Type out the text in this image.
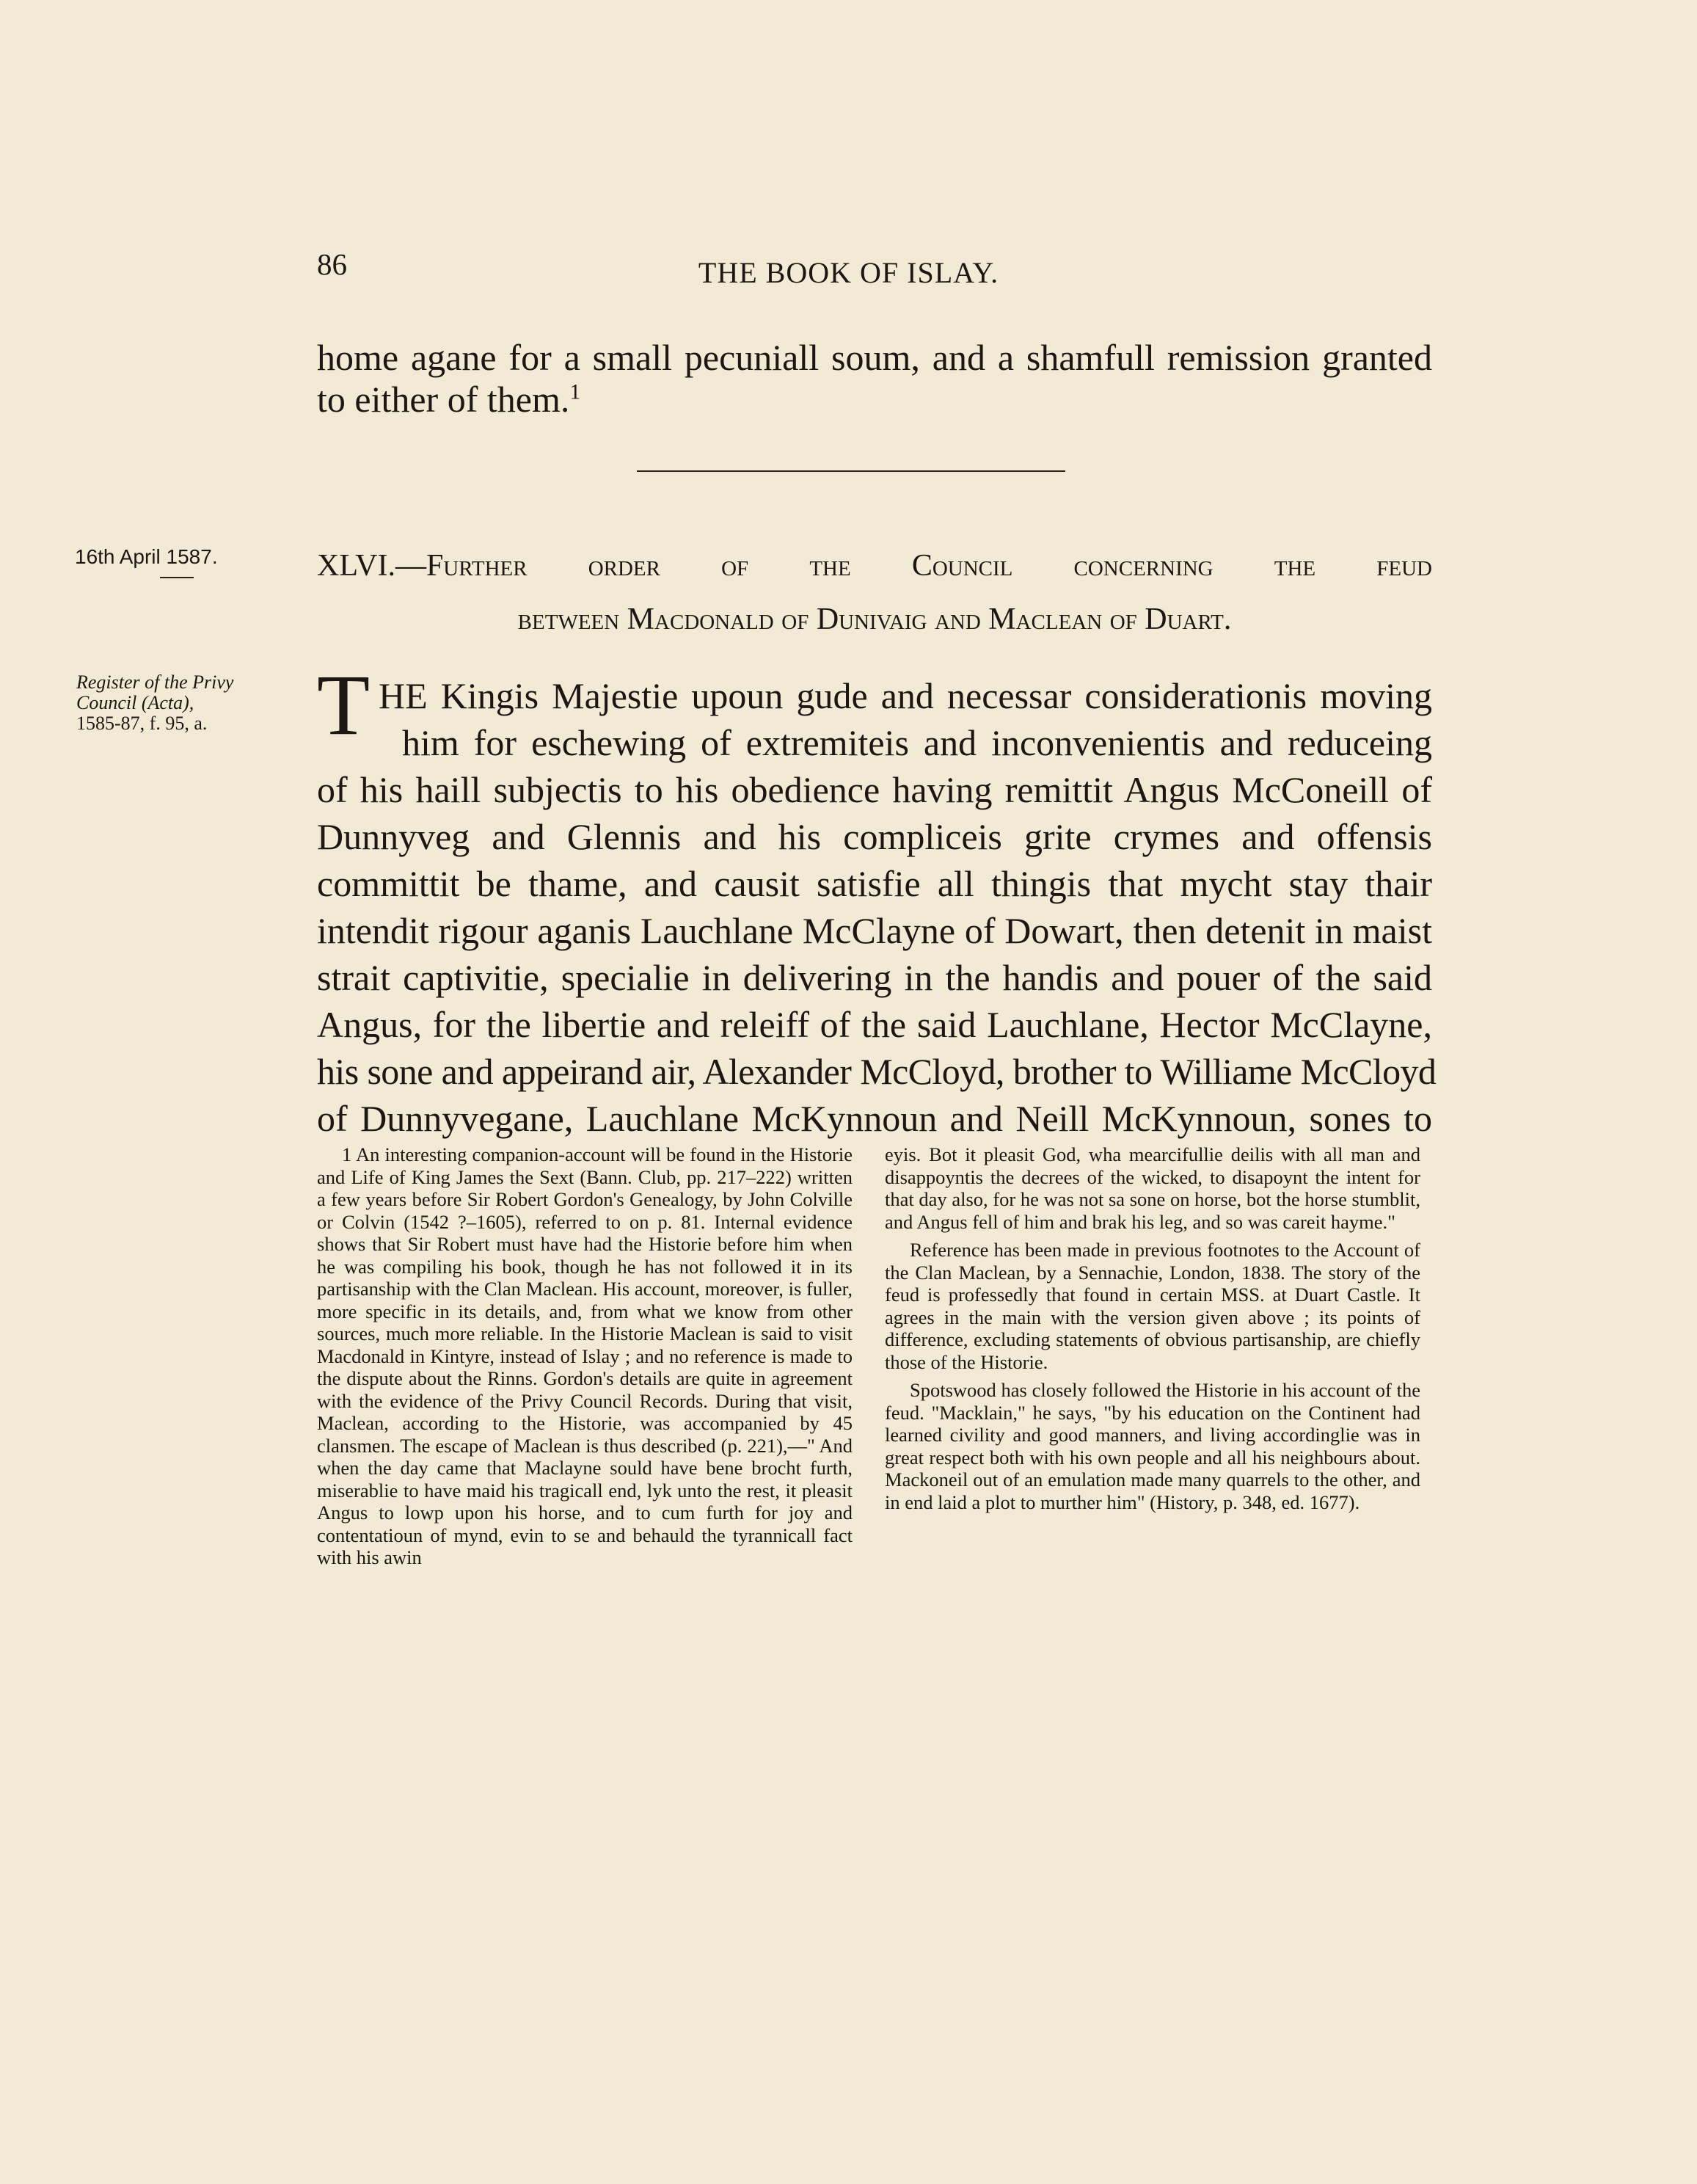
86	THE BOOK OF ISLAY.
home agane for a small pecuniall soum, and a shamfull remission granted
to either of them.$^1$
16th April 1587.
Register of the Privy
Council (Acta),
1585-87, f. 95, a.
XLVI.—Further order of the Council concerning the feud
between Macdonald of Dunivaig and Maclean of Duart.
T HE Kingis Majestie upoun gude and necessar considerationis moving
him for eschewing of extremiteis and inconvenientis and reduceing
of his haill subjectis to his obedience having remittit Angus McConeill of
Dunnyveg and Glennis and his compliceis grite crymes and offensis
committit be thame, and causit satisfie all thingis that mycht stay thair
intendit rigour aganis Lauchlane McClayne of Dowart, then detenit in maist
strait captivitie, specialie in delivering in the handis and pouer of the said
Angus, for the libertie and releiff of the said Lauchlane, Hector McClayne,
his sone and appeirand air, Alexander McCloyd, brother to Williame McCloyd
of Dunnyvegane, Lauchlane McKynnoun and Neill McKynnoun, sones to

1 An interesting companion-account will be found in the Historie and Life of King James the Sext (Bann. Club, pp. 217–222) written a few years before Sir Robert Gordon's Genealogy, by John Colville or Colvin (1542 ?–1605), referred to on p. 81. Internal evidence shows that Sir Robert must have had the Historie before him when he was compiling his book, though he has not followed it in its partisanship with the Clan Maclean. His account, moreover, is fuller, more specific in its details, and, from what we know from other sources, much more reliable. In the Historie Maclean is said to visit Macdonald in Kintyre, instead of Islay ; and no reference is made to the dispute about the Rinns. Gordon's details are quite in agreement with the evidence of the Privy Council Records. During that visit, Maclean, according to the Historie, was accompanied by 45 clansmen. The escape of Maclean is thus described (p. 221),—" And when the day came that Maclayne sould have bene brocht furth, miserablie to have maid his tragicall end, lyk unto the rest, it pleasit Angus to lowp upon his horse, and to cum furth for joy and contentatioun of mynd, evin to se and behauld the tyrannicall fact with his awin

eyis. Bot it pleasit God, wha mearcifullie deilis with all man and disappoyntis the decrees of the wicked, to disapoynt the intent for that day also, for he was not sa sone on horse, bot the horse stumblit, and Angus fell of him and brak his leg, and so was careit hayme."

Reference has been made in previous footnotes to the Account of the Clan Maclean, by a Sennachie, London, 1838. The story of the feud is professedly that found in certain MSS. at Duart Castle. It agrees in the main with the version given above ; its points of difference, excluding statements of obvious partisanship, are chiefly those of the Historie.

Spotswood has closely followed the Historie in his account of the feud. "Macklain," he says, "by his education on the Continent had learned civility and good manners, and living accordinglie was in great respect both with his own people and all his neighbours about. Mackoneil out of an emulation made many quarrels to the other, and in end laid a plot to murther him" (History, p. 348, ed. 1677).
